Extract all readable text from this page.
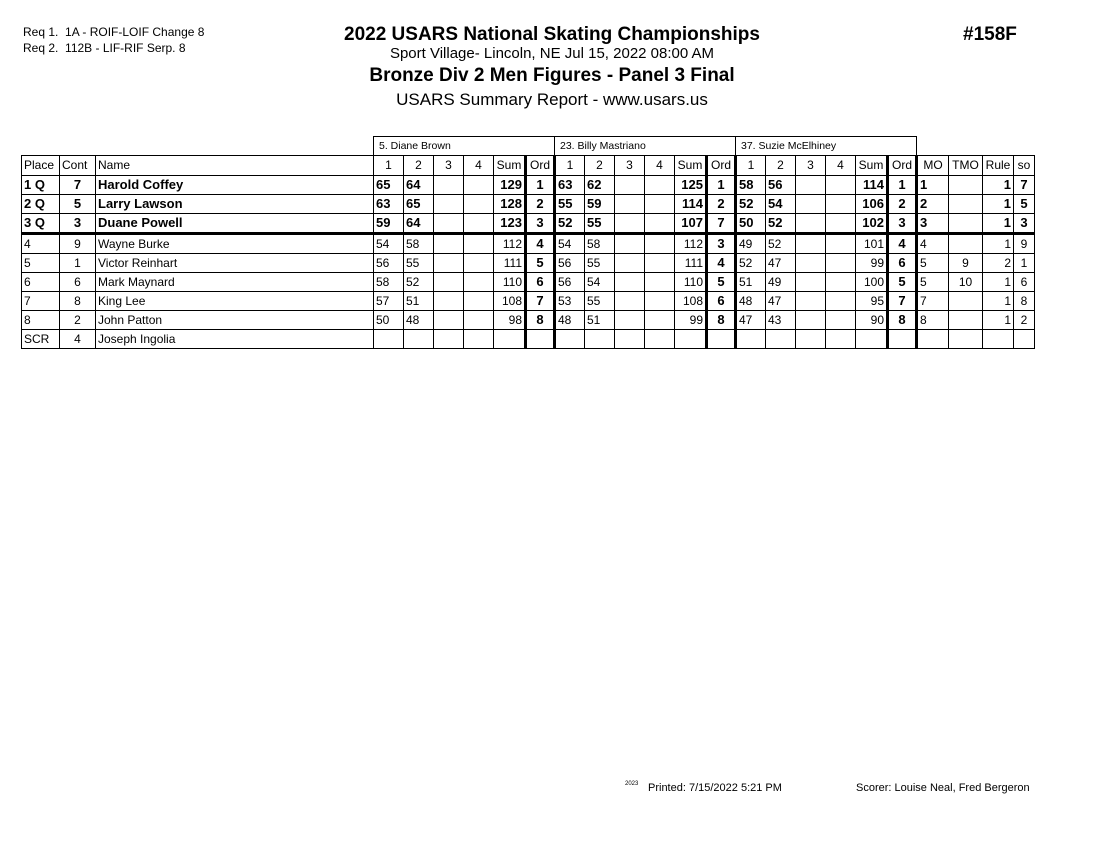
Req 1. 1A - ROIF-LOIF Change 8
Req 2. 112B - LIF-RIF Serp. 8
2022 USARS National Skating Championships
Sport Village- Lincoln, NE Jul 15, 2022 08:00 AM
Bronze Div 2 Men Figures - Panel 3 Final
USARS Summary Report - www.usars.us
#158F
			5. Diane Brown						23. Billy Mastriano						37. Suzie McElhiney									
Place	Cont	Name	1	2	3	4	Sum	Ord	1	2	3	4	Sum	Ord	1	2	3	4	Sum	Ord	MO	TMO	Rule	so
1 Q	7	Harold Coffey	65	64			129	1	63	62			125	1	58	56			114	1	1		1	7
2 Q	5	Larry Lawson	63	65			128	2	55	59			114	2	52	54			106	2	2		1	5
3 Q	3	Duane Powell	59	64			123	3	52	55			107	7	50	52			102	3	3		1	3
4	9	Wayne Burke	54	58			112	4	54	58			112	3	49	52			101	4	4		1	9
5	1	Victor Reinhart	56	55			111	5	56	55			111	4	52	47			99	6	5	9	2	1
6	6	Mark Maynard	58	52			110	6	56	54			110	5	51	49			100	5	5	10	1	6
7	8	King Lee	57	51			108	7	53	55			108	6	48	47			95	7	7		1	8
8	2	John Patton	50	48			98	8	48	51			99	8	47	43			90	8	8		1	2
SCR	4	Joseph Ingolia																						
2023 Printed: 7/15/2022 5:21 PM	Scorer: Louise Neal, Fred Bergeron
